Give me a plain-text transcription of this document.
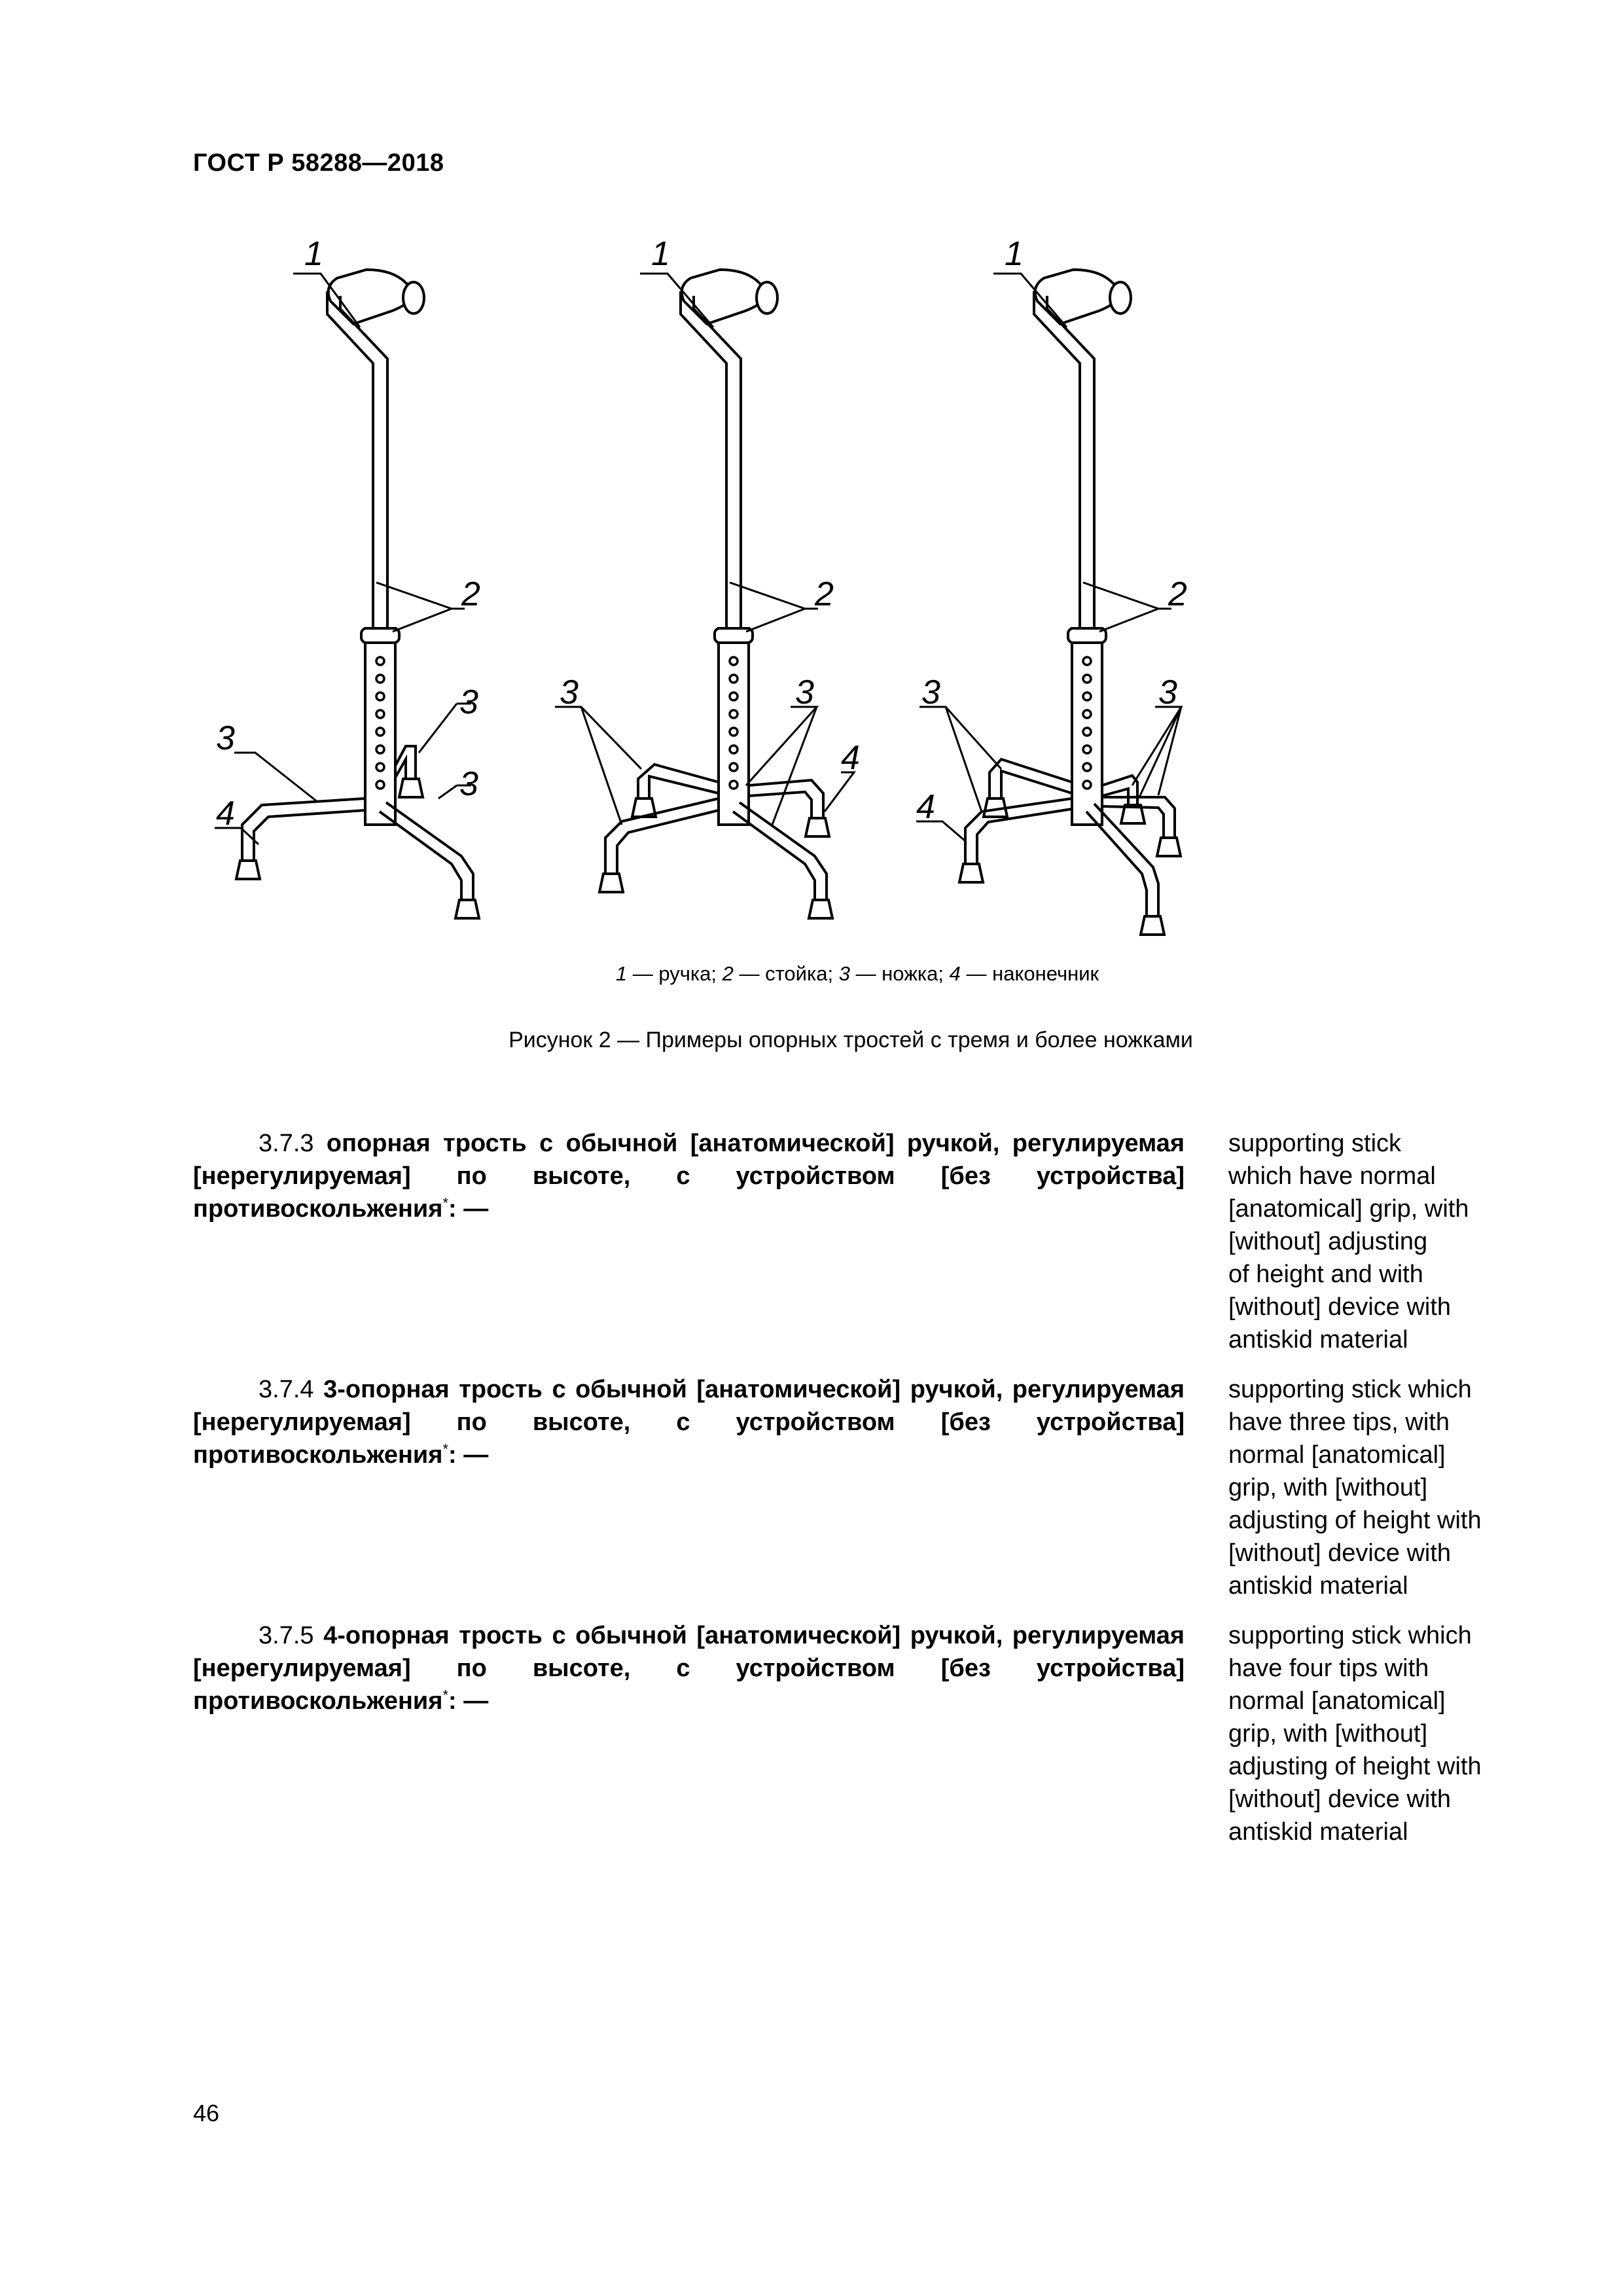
ГОСТ Р 58288—2018
1
2
3
3
3
4
1
2
3	3
4
1
2
3	3
4
1 — ручка; 2 — стойка; 3 — ножка; 4 — наконечник
Рисунок 2 — Примеры опорных тростей с тремя и более ножками
3.7.3 опорная трость с обычной [анатомической] ручкой, регулируемая [нерегулируемая] по высоте, с устройством [без устройства] противоскольжения*: —
supporting stick
which have normal
[anatomical] grip, with
[without] adjusting
of height and with
[without] device with
antiskid material
3.7.4 3-опорная трость с обычной [анатомической] ручкой, регулируемая [нерегулируемая] по высоте, с устройством [без устройства] противоскольжения*: —
supporting stick which
have three tips, with
normal [anatomical]
grip, with [without]
adjusting of height with
[without] device with
antiskid material
3.7.5 4-опорная трость с обычной [анатомической] ручкой, регулируемая [нерегулируемая] по высоте, с устройством [без устройства] противоскольжения*: —
supporting stick which
have four tips with
normal [anatomical]
grip, with [without]
adjusting of height with
[without] device with
antiskid material
46
